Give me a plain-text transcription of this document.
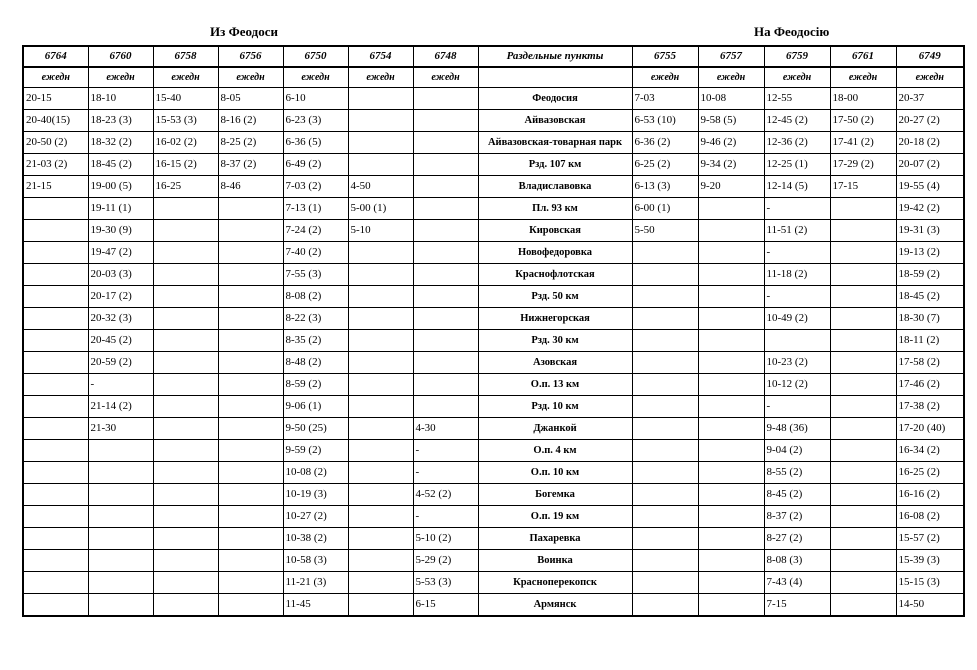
Из Феодоси	На Феодосію
6764	6760	6758	6756	6750	6754	6748	Раздельные пункты	6755	6757	6759	6761	6749
ежедн	ежедн	ежедн	ежедн	ежедн	ежедн	ежедн		ежедн	ежедн	ежедн	ежедн	ежедн
20-15	18-10	15-40	8-05	6-10			Феодосия	7-03	10-08	12-55	18-00	20-37
20-40(15)	18-23 (3)	15-53 (3)	8-16 (2)	6-23 (3)			Айвазовская	6-53 (10)	9-58 (5)	12-45 (2)	17-50 (2)	20-27 (2)
20-50 (2)	18-32 (2)	16-02 (2)	8-25 (2)	6-36 (5)			Айвазовская-товарная парк	6-36 (2)	9-46 (2)	12-36 (2)	17-41 (2)	20-18 (2)
21-03 (2)	18-45 (2)	16-15 (2)	8-37 (2)	6-49 (2)			Рзд. 107 км	6-25 (2)	9-34 (2)	12-25 (1)	17-29 (2)	20-07 (2)
21-15	19-00 (5)	16-25	8-46	7-03 (2)	4-50		Владиславовка	6-13 (3)	9-20	12-14 (5)	17-15	19-55 (4)
	19-11 (1)			7-13 (1)	5-00 (1)		Пл. 93 км	6-00 (1)		-		19-42 (2)
	19-30 (9)			7-24 (2)	5-10		Кировская	5-50		11-51 (2)		19-31 (3)
	19-47 (2)			7-40 (2)			Новофедоровка			-		19-13 (2)
	20-03 (3)			7-55 (3)			Краснофлотская			11-18 (2)		18-59 (2)
	20-17 (2)			8-08 (2)			Рзд. 50 км			-		18-45 (2)
	20-32 (3)			8-22 (3)			Нижнегорская			10-49 (2)		18-30 (7)
	20-45 (2)			8-35 (2)			Рзд. 30 км					18-11 (2)
	20-59 (2)			8-48 (2)			Азовская			10-23 (2)		17-58 (2)
	-			8-59 (2)			О.п. 13 км			10-12 (2)		17-46 (2)
	21-14 (2)			9-06 (1)			Рзд. 10 км			-		17-38 (2)
	21-30			9-50 (25)		4-30	Джанкой			9-48 (36)		17-20 (40)
				9-59 (2)		-	О.п. 4 км			9-04 (2)		16-34 (2)
				10-08 (2)		-	О.п. 10 км			8-55 (2)		16-25 (2)
				10-19 (3)		4-52 (2)	Богемка			8-45 (2)		16-16 (2)
				10-27 (2)		-	О.п. 19 км			8-37 (2)		16-08 (2)
				10-38 (2)		5-10 (2)	Пахаревка			8-27 (2)		15-57 (2)
				10-58 (3)		5-29 (2)	Воинка			8-08 (3)		15-39 (3)
				11-21 (3)		5-53 (3)	Красноперекопск			7-43 (4)		15-15 (3)
				11-45		6-15	Армянск			7-15		14-50
